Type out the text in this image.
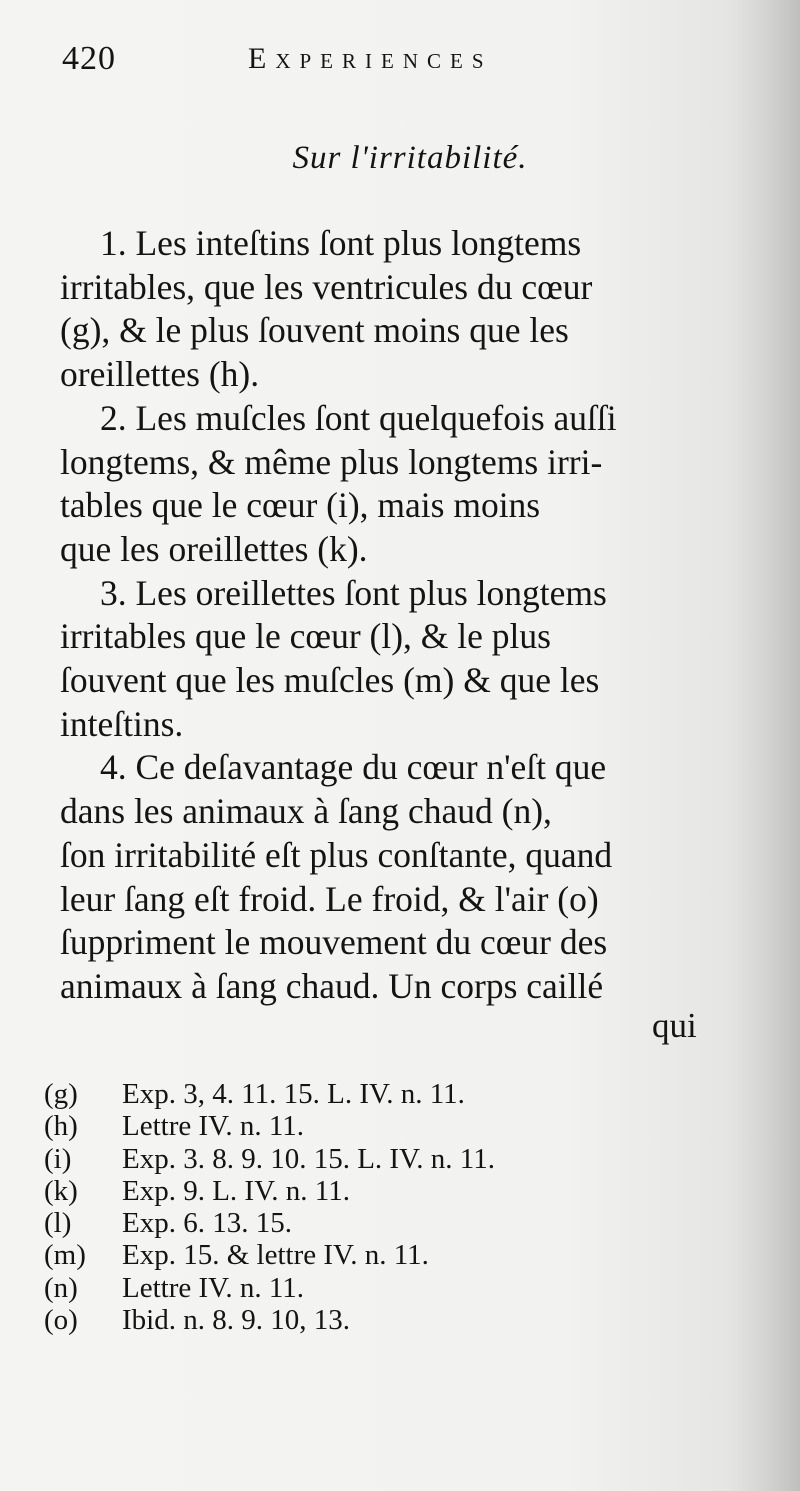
420	Experiences
Sur l'irritabilité.

1. Les inteſtins ſont plus longtems
irritables, que les ventricules du cœur
(g), & le plus ſouvent moins que les
oreillettes (h).

2. Les muſcles ſont quelquefois auſſi
longtems, & même plus longtems irri-
tables que le cœur (i), mais moins
que les oreillettes (k).

3. Les oreillettes ſont plus longtems
irritables que le cœur (l), & le plus
ſouvent que les muſcles (m) & que les
inteſtins.

4. Ce deſavantage du cœur n'eſt que
dans les animaux à ſang chaud (n),
ſon irritabilité eſt plus conſtante, quand
leur ſang eſt froid. Le froid, & l'air (o)
ſuppriment le mouvement du cœur des
animaux à ſang chaud. Un corps caillé

qui
(g) Exp. 3, 4. 11. 15. L. IV. n. 11.
(h) Lettre IV. n. 11.
(i) Exp. 3. 8. 9. 10. 15. L. IV. n. 11.
(k) Exp. 9. L. IV. n. 11.
(l) Exp. 6. 13. 15.
(m) Exp. 15. & lettre IV. n. 11.
(n) Lettre IV. n. 11.
(o) Ibid. n. 8. 9. 10, 13.
